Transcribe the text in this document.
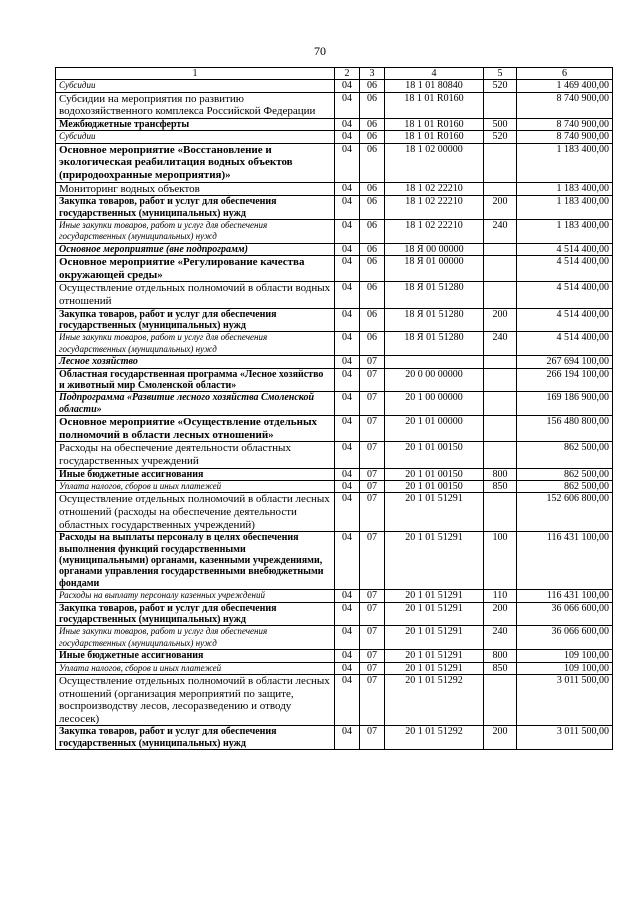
70
1	2	3	4	5	6
Субсидии	04	06	18 1 01 80840	520	1 469 400,00
Субсидии на мероприятия по развитию водохозяйственного комплекса Российской Федерации	04	06	18 1 01 R0160		8 740 900,00
Межбюджетные трансферты	04	06	18 1 01 R0160	500	8 740 900,00
Субсидии	04	06	18 1 01 R0160	520	8 740 900,00
Основное мероприятие «Восстановление и экологическая реабилитация водных объектов (природоохранные мероприятия)»	04	06	18 1 02 00000		1 183 400,00
Мониторинг водных объектов	04	06	18 1 02 22210		1 183 400,00
Закупка товаров, работ и услуг для обеспечения государственных (муниципальных) нужд	04	06	18 1 02 22210	200	1 183 400,00
Иные закупки товаров, работ и услуг для обеспечения государственных (муниципальных) нужд	04	06	18 1 02 22210	240	1 183 400,00
Основное мероприятие (вне подпрограмм)	04	06	18 Я 00 00000		4 514 400,00
Основное мероприятие «Регулирование качества окружающей среды»	04	06	18 Я 01 00000		4 514 400,00
Осуществление отдельных полномочий в области водных отношений	04	06	18 Я 01 51280		4 514 400,00
Закупка товаров, работ и услуг для обеспечения государственных (муниципальных) нужд	04	06	18 Я 01 51280	200	4 514 400,00
Иные закупки товаров, работ и услуг для обеспечения государственных (муниципальных) нужд	04	06	18 Я 01 51280	240	4 514 400,00
Лесное хозяйство	04	07			267 694 100,00
Областная государственная программа «Лесное хозяйство и животный мир Смоленской области»	04	07	20 0 00 00000		266 194 100,00
Подпрограмма «Развитие лесного хозяйства Смоленской области»	04	07	20 1 00 00000		169 186 900,00
Основное мероприятие «Осуществление отдельных полномочий в области лесных отношений»	04	07	20 1 01 00000		156 480 800,00
Расходы на обеспечение деятельности областных государственных учреждений	04	07	20 1 01 00150		862 500,00
Иные бюджетные ассигнования	04	07	20 1 01 00150	800	862 500,00
Уплата налогов, сборов и иных платежей	04	07	20 1 01 00150	850	862 500,00
Осуществление отдельных полномочий в области лесных отношений (расходы на обеспечение деятельности областных государственных учреждений)	04	07	20 1 01 51291		152 606 800,00
Расходы на выплаты персоналу в целях обеспечения выполнения функций государственными (муниципальными) органами, казенными учреждениями, органами управления государственными внебюджетными фондами	04	07	20 1 01 51291	100	116 431 100,00
Расходы на выплату персоналу казенных учреждений	04	07	20 1 01 51291	110	116 431 100,00
Закупка товаров, работ и услуг для обеспечения государственных (муниципальных) нужд	04	07	20 1 01 51291	200	36 066 600,00
Иные закупки товаров, работ и услуг для обеспечения государственных (муниципальных) нужд	04	07	20 1 01 51291	240	36 066 600,00
Иные бюджетные ассигнования	04	07	20 1 01 51291	800	109 100,00
Уплата налогов, сборов и иных платежей	04	07	20 1 01 51291	850	109 100,00
Осуществление отдельных полномочий в области лесных отношений (организация мероприятий по защите, воспроизводству лесов, лесоразведению и отводу лесосек)	04	07	20 1 01 51292		3 011 500,00
Закупка товаров, работ и услуг для обеспечения государственных (муниципальных) нужд	04	07	20 1 01 51292	200	3 011 500,00
